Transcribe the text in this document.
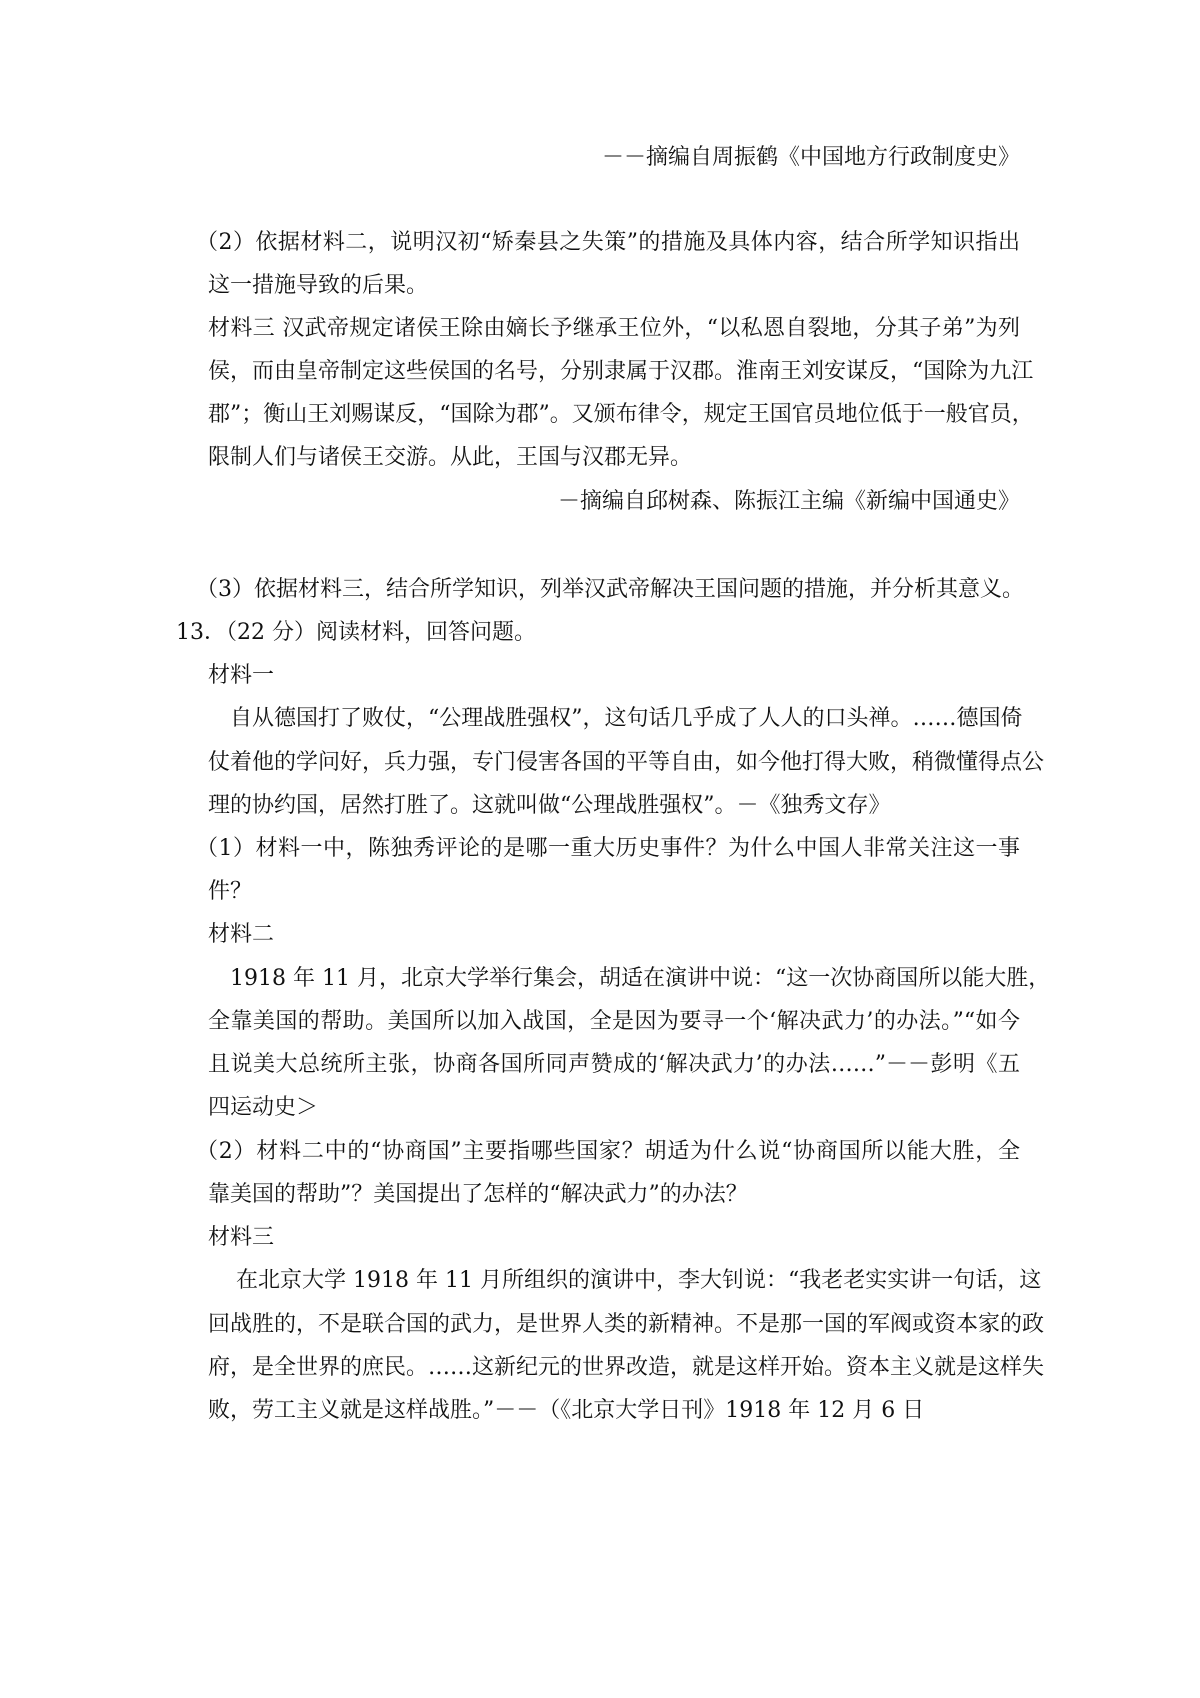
－－摘编自周振鹤《中国地方行政制度史》
（2）依据材料二，说明汉初“矫秦县之失策”的措施及具体内容，结合所学知识指出
这一措施导致的后果。
材料三 汉武帝规定诸侯王除由嫡长予继承王位外，“以私恩自裂地，分其子弟”为列
侯，而由皇帝制定这些侯国的名号，分别隶属于汉郡。淮南王刘安谋反，“国除为九江
郡”；衡山王刘赐谋反，“国除为郡”。又颁布律令，规定王国官员地位低于一般官员，
限制人们与诸侯王交游。从此，王国与汉郡无异。
－摘编自邱树森、陈振江主编《新编中国通史》
（3）依据材料三，结合所学知识，列举汉武帝解决王国问题的措施，并分析其意义。
13．（22 分）阅读材料，回答问题。
材料一
自从德国打了败仗，“公理战胜强权”，这句话几乎成了人人的口头禅。……德国倚
仗着他的学问好，兵力强，专门侵害各国的平等自由，如今他打得大败，稍微懂得点公
理的协约国，居然打胜了。这就叫做“公理战胜强权”。－《独秀文存》
（1）材料一中，陈独秀评论的是哪一重大历史事件？为什么中国人非常关注这一事
件？
材料二
1918 年 11 月，北京大学举行集会，胡适在演讲中说：“这一次协商国所以能大胜，
全靠美国的帮助。美国所以加入战国，全是因为要寻一个‘解决武力’的办法。”“如今
且说美大总统所主张，协商各国所同声赞成的‘解决武力’的办法……”－－彭明《五
四运动史＞
（2）材料二中的“协商国”主要指哪些国家？胡适为什么说“协商国所以能大胜，全
靠美国的帮助”？美国提出了怎样的“解决武力”的办法？
材料三
在北京大学 1918 年 11 月所组织的演讲中，李大钊说：“我老老实实讲一句话，这
回战胜的，不是联合国的武力，是世界人类的新精神。不是那一国的军阀或资本家的政
府，是全世界的庶民。……这新纪元的世界改造，就是这样开始。资本主义就是这样失
败，劳工主义就是这样战胜。”－－（《北京大学日刊》1918 年 12 月 6 日
